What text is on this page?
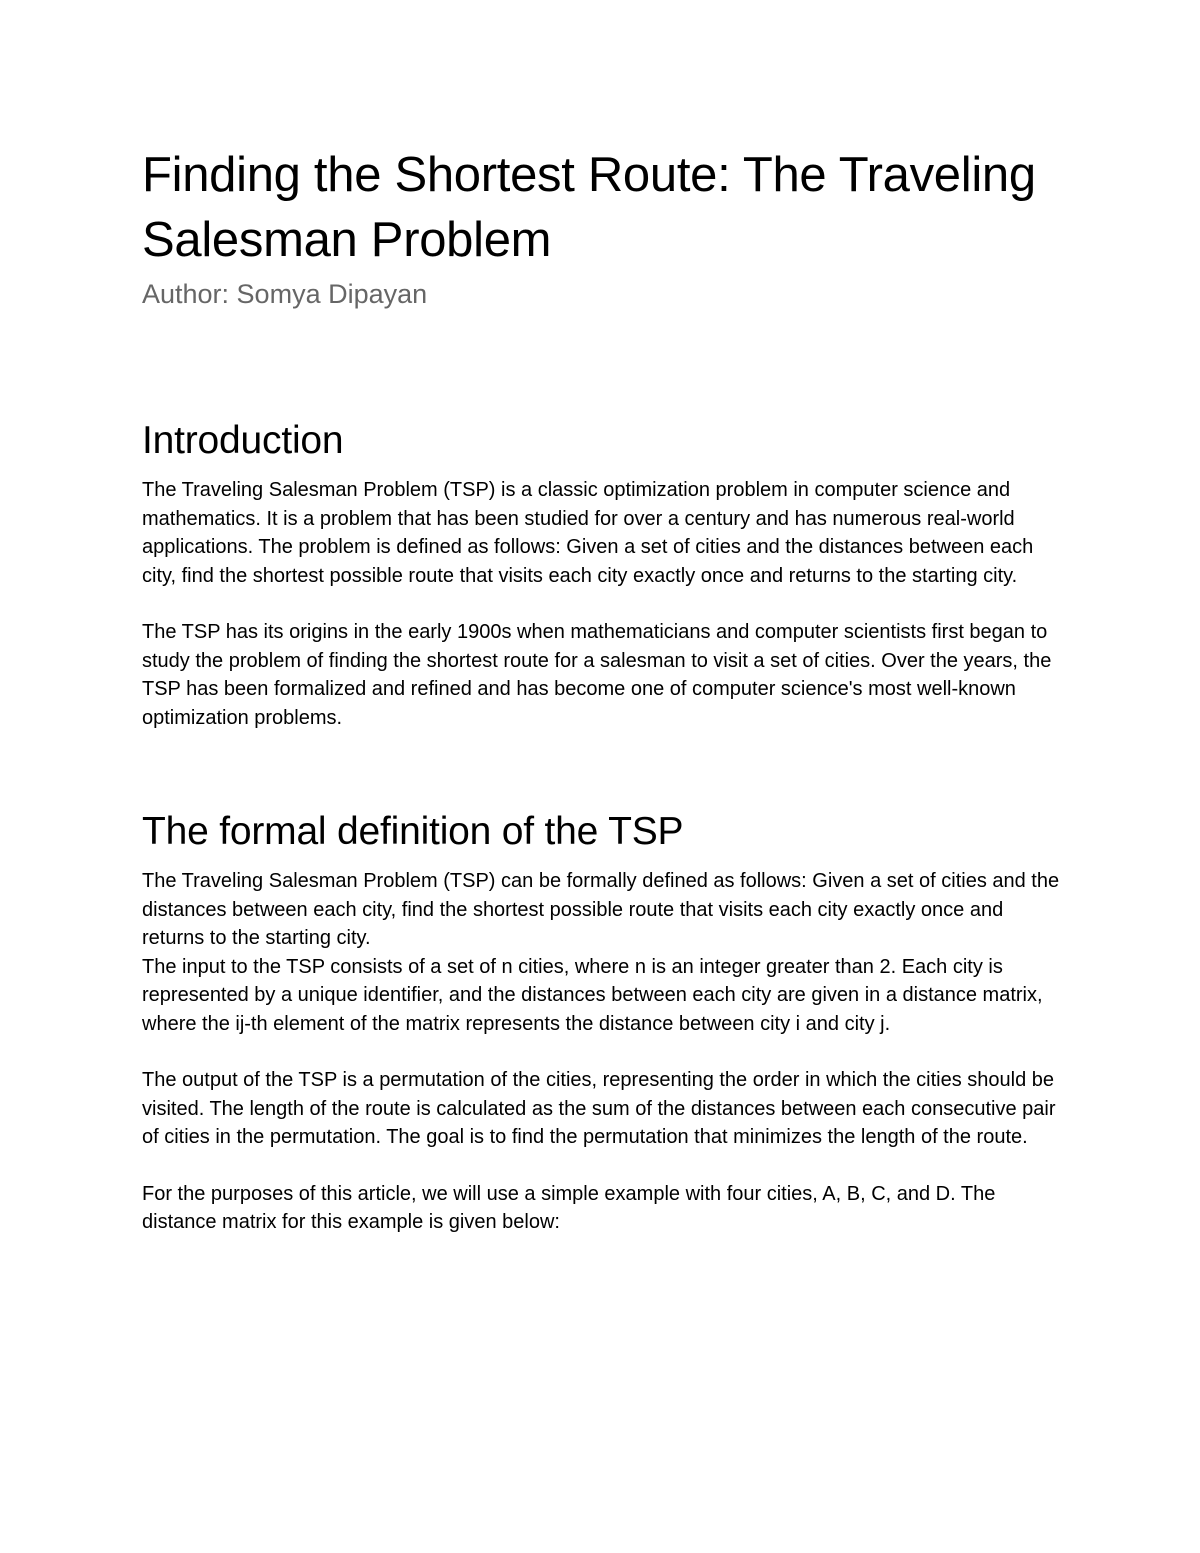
Finding the Shortest Route: The Traveling Salesman Problem

Author: Somya Dipayan

Introduction

The Traveling Salesman Problem (TSP) is a classic optimization problem in computer science and mathematics. It is a problem that has been studied for over a century and has numerous real-world applications. The problem is defined as follows: Given a set of cities and the distances between each city, find the shortest possible route that visits each city exactly once and returns to the starting city.

The TSP has its origins in the early 1900s when mathematicians and computer scientists first began to study the problem of finding the shortest route for a salesman to visit a set of cities. Over the years, the TSP has been formalized and refined and has become one of computer science's most well-known optimization problems.

The formal definition of the TSP

The Traveling Salesman Problem (TSP) can be formally defined as follows: Given a set of cities and the distances between each city, find the shortest possible route that visits each city exactly once and returns to the starting city.

The input to the TSP consists of a set of n cities, where n is an integer greater than 2. Each city is represented by a unique identifier, and the distances between each city are given in a distance matrix, where the ij-th element of the matrix represents the distance between city i and city j.

The output of the TSP is a permutation of the cities, representing the order in which the cities should be visited. The length of the route is calculated as the sum of the distances between each consecutive pair of cities in the permutation. The goal is to find the permutation that minimizes the length of the route.

For the purposes of this article, we will use a simple example with four cities, A, B, C, and D. The distance matrix for this example is given below:
